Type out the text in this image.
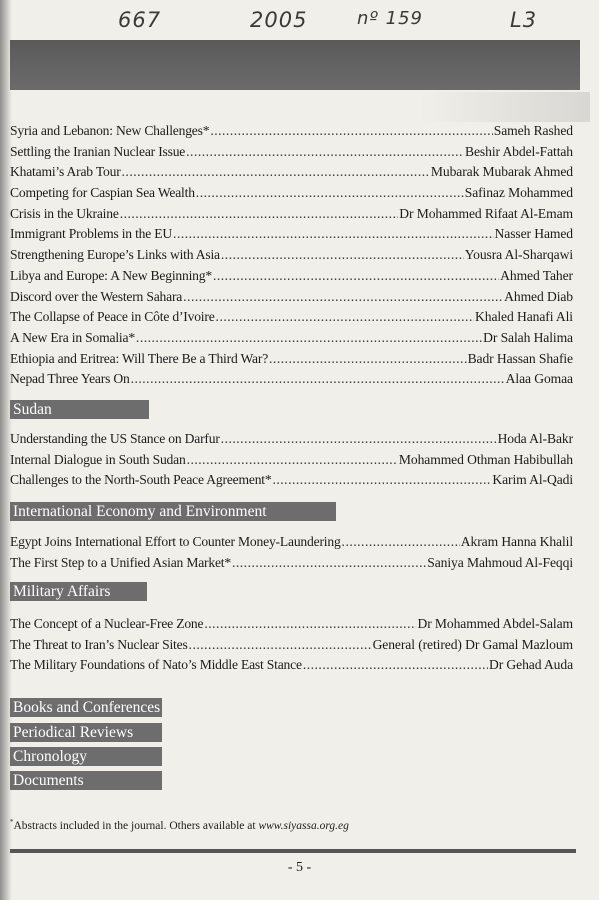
667	2005	nº 159	L3
Syria and Lebanon: New Challenges* .....	Sameh Rashed
Settling the Iranian Nuclear Issue .....	Beshir Abdel-Fattah
Khatami’s Arab Tour .....	Mubarak Mubarak Ahmed
Competing for Caspian Sea Wealth .....	Safinaz Mohammed
Crisis in the Ukraine .....	Dr Mohammed Rifaat Al-Emam
Immigrant Problems in the EU .....	Nasser Hamed
Strengthening Europe’s Links with Asia .....	Yousra Al-Sharqawi
Libya and Europe: A New Beginning* .....	Ahmed Taher
Discord over the Western Sahara .....	Ahmed Diab
The Collapse of Peace in Côte d’Ivoire .....	Khaled Hanafi Ali
A New Era in Somalia* .....	Dr Salah Halima
Ethiopia and Eritrea: Will There Be a Third War? .....	Badr Hassan Shafie
Nepad Three Years On .....	Alaa Gomaa
Sudan
Understanding the US Stance on Darfur .....	Hoda Al-Bakr
Internal Dialogue in South Sudan .....	Mohammed Othman Habibullah
Challenges to the North-South Peace Agreement* .....	Karim Al-Qadi
International Economy and Environment
Egypt Joins International Effort to Counter Money-Laundering .....	Akram Hanna Khalil
The First Step to a Unified Asian Market* .....	Saniya Mahmoud Al-Feqqi
Military Affairs
The Concept of a Nuclear-Free Zone .....	Dr Mohammed Abdel-Salam
The Threat to Iran’s Nuclear Sites .....	General (retired) Dr Gamal Mazloum
The Military Foundations of Nato’s Middle East Stance .....	Dr Gehad Auda
Books and Conferences
Periodical Reviews
Chronology
Documents
*Abstracts included in the journal. Others available at www.siyassa.org.eg
- 5 -
